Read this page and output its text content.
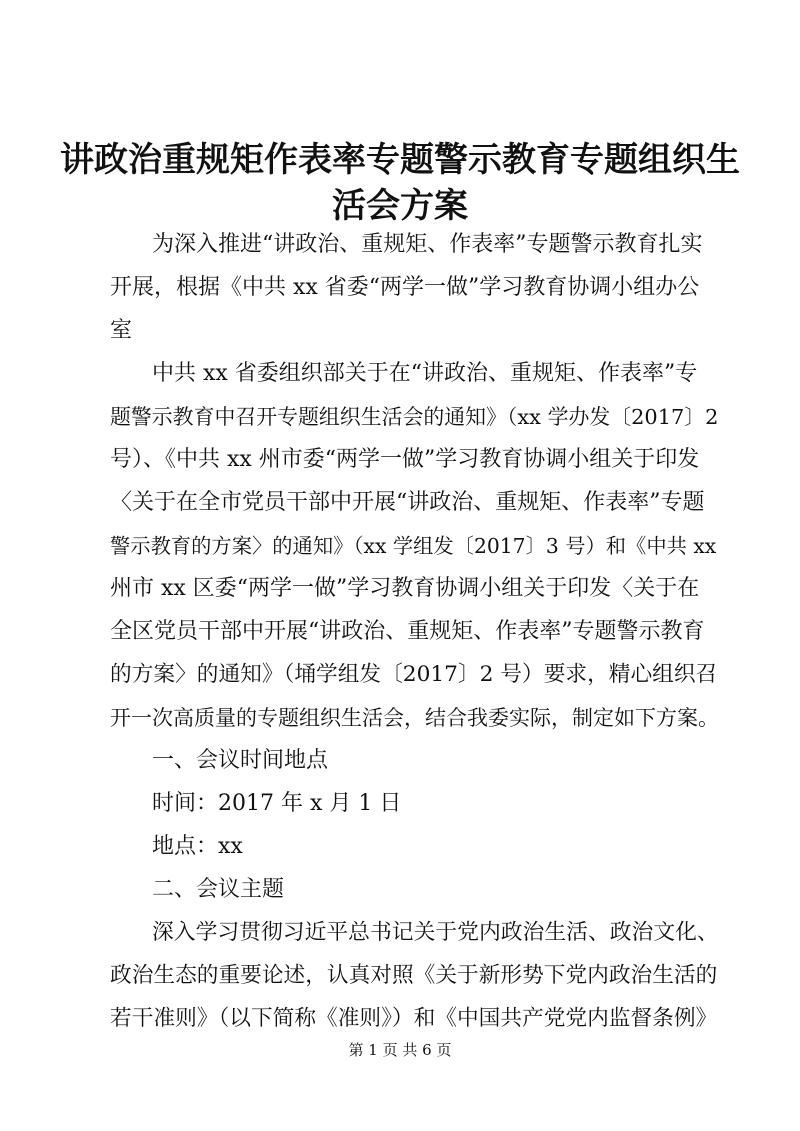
讲政治重规矩作表率专题警示教育专题组织生
活会方案
为深入推进“讲政治、重规矩、作表率”专题警示教育扎实
开展，根据《中共 xx 省委“两学一做”学习教育协调小组办公
室
中共 xx 省委组织部关于在“讲政治、重规矩、作表率”专
题警示教育中召开专题组织生活会的通知》（xx 学办发〔2017〕2
号）、《中共 xx 州市委“两学一做”学习教育协调小组关于印发
〈关于在全市党员干部中开展“讲政治、重规矩、作表率”专题
警示教育的方案〉的通知》（xx 学组发〔2017〕3 号）和《中共 xx
州市 xx 区委“两学一做”学习教育协调小组关于印发〈关于在
全区党员干部中开展“讲政治、重规矩、作表率”专题警示教育
的方案〉的通知》（埇学组发〔2017〕2 号）要求，精心组织召
开一次高质量的专题组织生活会，结合我委实际，制定如下方案。
一、会议时间地点
时间：2017 年 x 月 1 日
地点：xx
二、会议主题
深入学习贯彻习近平总书记关于党内政治生活、政治文化、
政治生态的重要论述，认真对照《关于新形势下党内政治生活的
若干准则》（以下简称《准则》）和《中国共产党党内监督条例》
第 1 页 共 6 页
